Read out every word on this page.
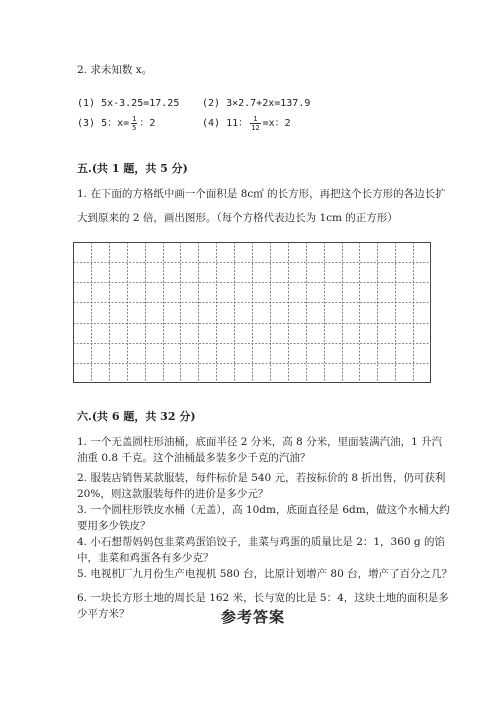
2. 求未知数 x。
(1) 5x-3.25=17.25 (2) 3×2.7+2x=137.9
(3) 5：$x= \frac{1}{5}$ ：2	(4) 11： $\frac{1}{12} =x$：2
五.(共 1 题，共 5 分)
1. 在下面的方格纸中画一个面积是 8c㎡ 的长方形，再把这个长方形的各边长扩
大到原来的 2 倍，画出图形。（每个方格代表边长为 1cm 的正方形）
六.(共 6 题，共 32 分)
1. 一个无盖圆柱形油桶，底面半径 2 分米，高 8 分米，里面装满汽油，1 升汽
油重 0.8 千克。这个油桶最多装多少千克的汽油？
2. 服装店销售某款服装，每件标价是 540 元，若按标价的 8 折出售，仍可获利
20%，则这款服装每件的进价是多少元？
3. 一个圆柱形铁皮水桶（无盖），高 10dm，底面直径是 6dm，做这个水桶大约
要用多少铁皮？
4. 小石想帮妈妈包韭菜鸡蛋馅饺子，韭菜与鸡蛋的质量比是 2：1，360 g 的馅
中，韭菜和鸡蛋各有多少克？
5. 电视机厂九月份生产电视机 580 台，比原计划增产 80 台，增产了百分之几？
6. 一块长方形土地的周长是 162 米，长与宽的比是 5：4，这块土地的面积是多
少平方米？	参考答案
